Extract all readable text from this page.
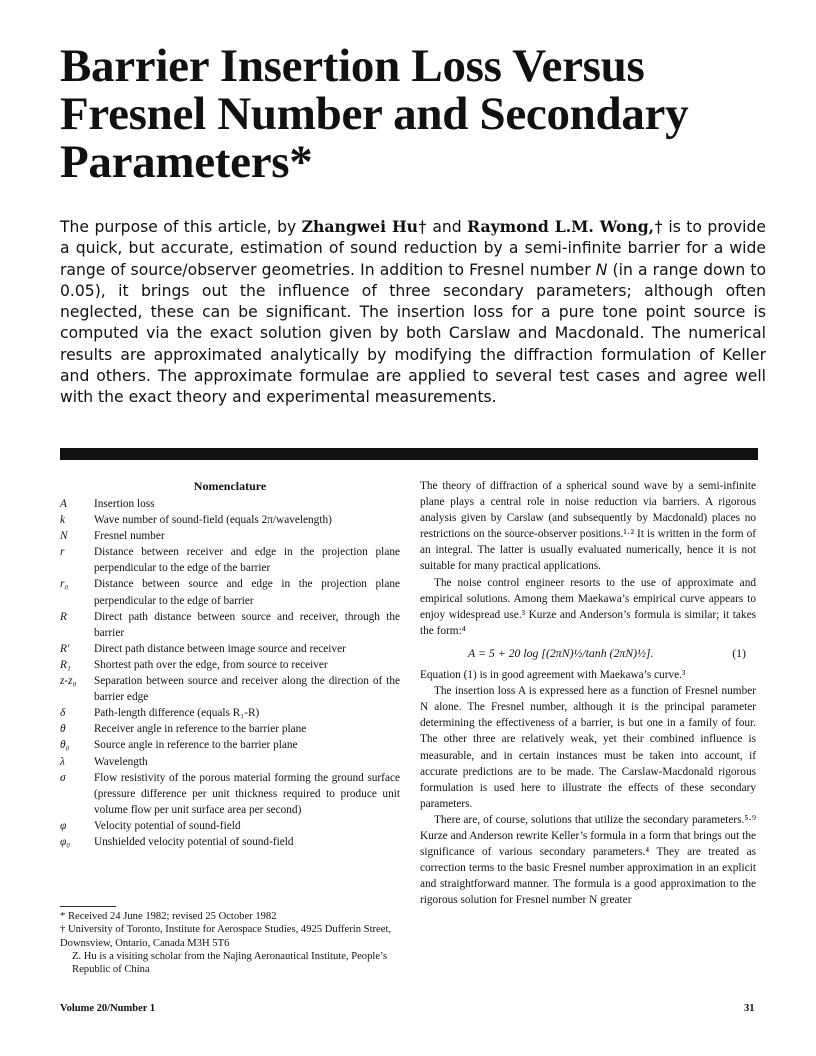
Barrier Insertion Loss Versus Fresnel Number and Secondary Parameters*

The purpose of this article, by Zhangwei Hu† and Raymond L.M. Wong,† is to provide a quick, but accurate, estimation of sound reduction by a semi-infinite barrier for a wide range of source/observer geometries. In addition to Fresnel number N (in a range down to 0.05), it brings out the influence of three secondary parameters; although often neglected, these can be significant. The insertion loss for a pure tone point source is computed via the exact solution given by both Carslaw and Macdonald. The numerical results are approximated analytically by modifying the diffraction formulation of Keller and others. The approximate formulae are applied to several test cases and agree well with the exact theory and experimental measurements.

Nomenclature
A	Insertion loss
k	Wave number of sound-field (equals 2π/wavelength)
N	Fresnel number
r	Distance between receiver and edge in the projection plane perpendicular to the edge of the barrier
r₀	Distance between source and edge in the projection plane perpendicular to the edge of barrier
R	Direct path distance between source and receiver, through the barrier
R′	Direct path distance between image source and receiver
R₁	Shortest path over the edge, from source to receiver
z-z₀	Separation between source and receiver along the direction of the barrier edge
δ	Path-length difference (equals R₁-R)
θ	Receiver angle in reference to the barrier plane
θ₀	Source angle in reference to the barrier plane
λ	Wavelength
σ	Flow resistivity of the porous material forming the ground surface (pressure difference per unit thickness required to produce unit volume flow per unit surface area per second)
φ	Velocity potential of sound-field
φ₀	Unshielded velocity potential of sound-field
* Received 24 June 1982; revised 25 October 1982
† University of Toronto, Institute for Aerospace Studies, 4925 Dufferin Street, Downsview, Ontario, Canada M3H 5T6
Z. Hu is a visiting scholar from the Najing Aeronautical Institute, People’s Republic of China

The theory of diffraction of a spherical sound wave by a semi-infinite plane plays a central role in noise reduction via barriers. A rigorous analysis given by Carslaw (and subsequently by Macdonald) places no restrictions on the source-observer positions.¹·² It is written in the form of an integral. The latter is usually evaluated numerically, hence it is not suitable for many practical applications.

The noise control engineer resorts to the use of approximate and empirical solutions. Among them Maekawa’s empirical curve appears to enjoy widespread use.³ Kurze and Anderson’s formula is similar; it takes the form:⁴

A = 5 + 20 log [(2πN)½/tanh (2πN)½].	(1)

Equation (1) is in good agreement with Maekawa’s curve.³

The insertion loss A is expressed here as a function of Fresnel number N alone. The Fresnel number, although it is the principal parameter determining the effectiveness of a barrier, is but one in a family of four. The other three are relatively weak, yet their combined influence is measurable, and in certain instances must be taken into account, if accurate predictions are to be made. The Carslaw-Macdonald rigorous formulation is used here to illustrate the effects of these secondary parameters.

There are, of course, solutions that utilize the secondary parameters.⁵·⁹ Kurze and Anderson rewrite Keller’s formula in a form that brings out the significance of various secondary parameters.⁴ They are treated as correction terms to the basic Fresnel number approximation in an explicit and straightforward manner. The formula is a good approximation to the rigorous solution for Fresnel number N greater

Volume 20/Number 1	31
